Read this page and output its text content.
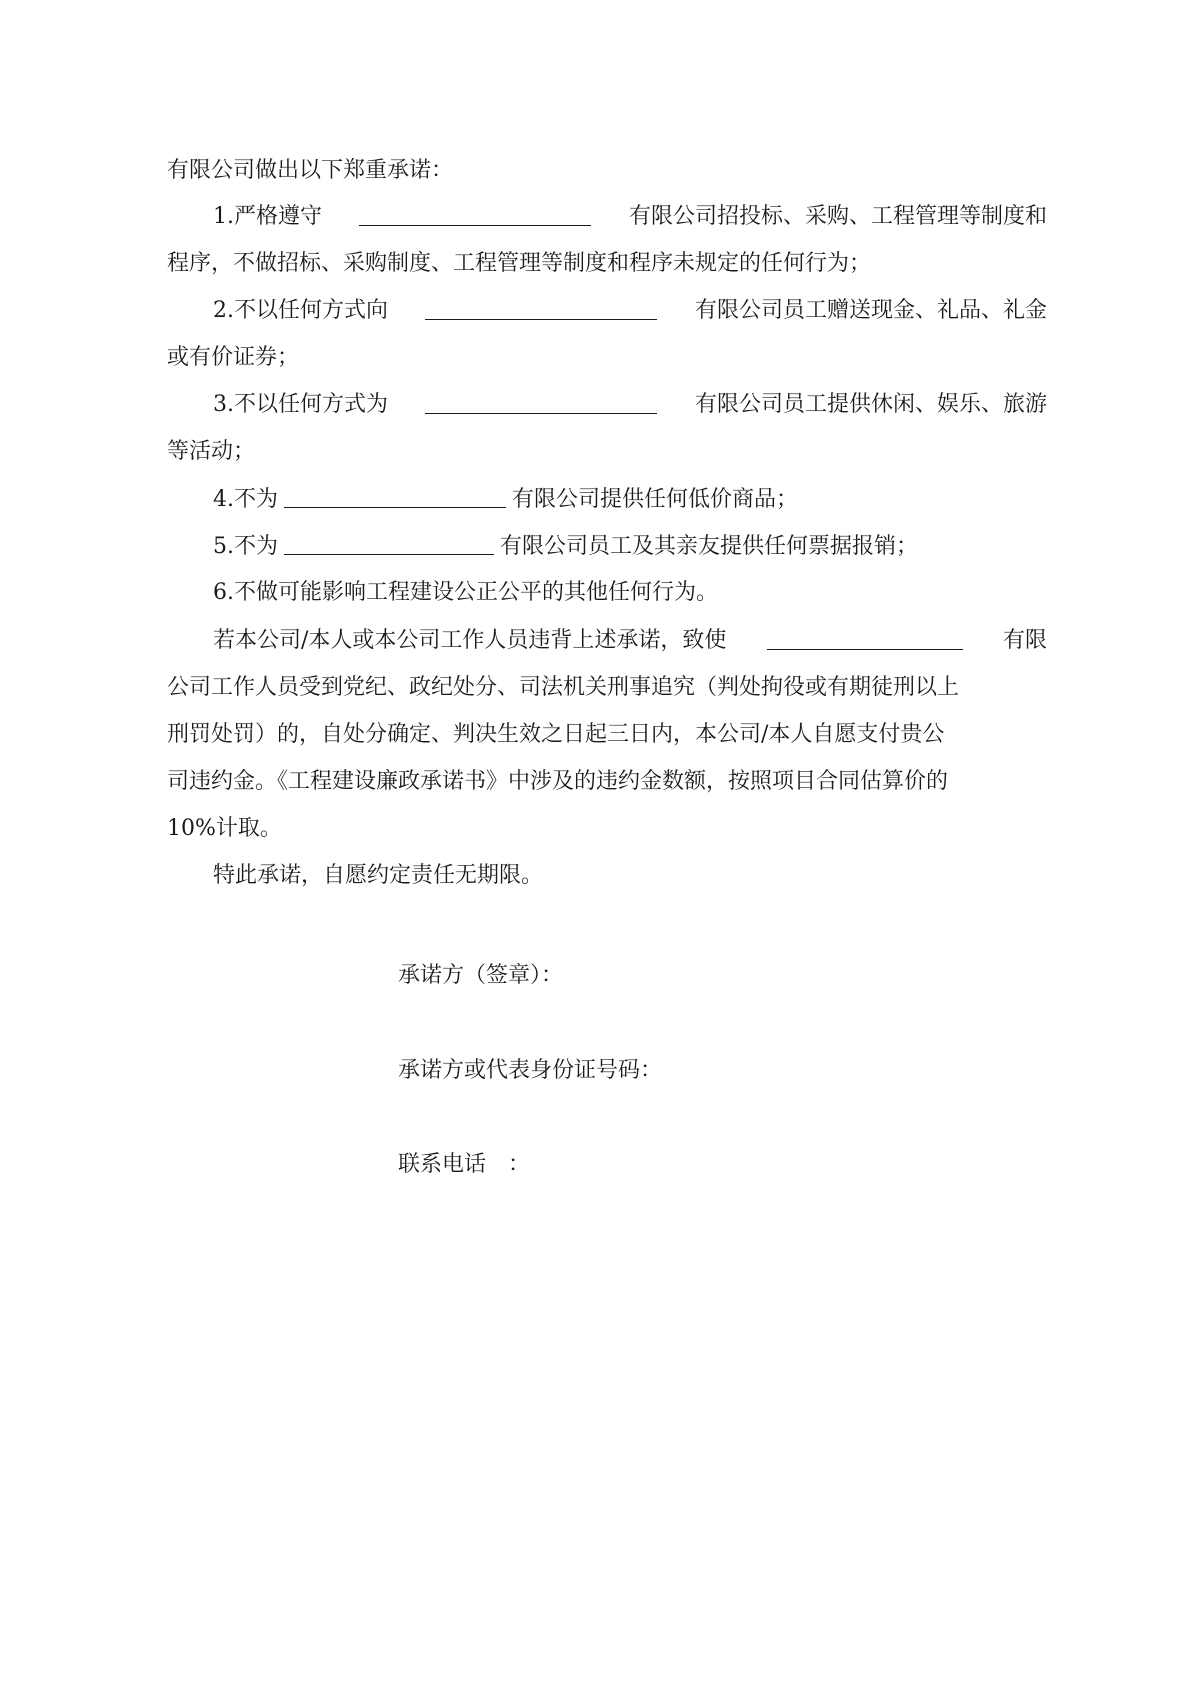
有限公司做出以下郑重承诺：
1.严格遵守	有限公司招投标、采购、工程管理等制度和
程序，不做招标、采购制度、工程管理等制度和程序未规定的任何行为；
2.不以任何方式向	有限公司员工赠送现金、礼品、礼金
或有价证券；
3.不以任何方式为	有限公司员工提供休闲、娱乐、旅游
等活动；
4.不为	有限公司提供任何低价商品；
5.不为	有限公司员工及其亲友提供任何票据报销；
6.不做可能影响工程建设公正公平的其他任何行为。
若本公司/本人或本公司工作人员违背上述承诺，致使	有限
公司工作人员受到党纪、政纪处分、司法机关刑事追究（判处拘役或有期徒刑以上
刑罚处罚）的，自处分确定、判决生效之日起三日内，本公司/本人自愿支付贵公
司违约金。《工程建设廉政承诺书》中涉及的违约金数额，按照项目合同估算价的
10%计取。
特此承诺，自愿约定责任无期限。
承诺方（签章）：
承诺方或代表身份证号码：
联系电话　：
